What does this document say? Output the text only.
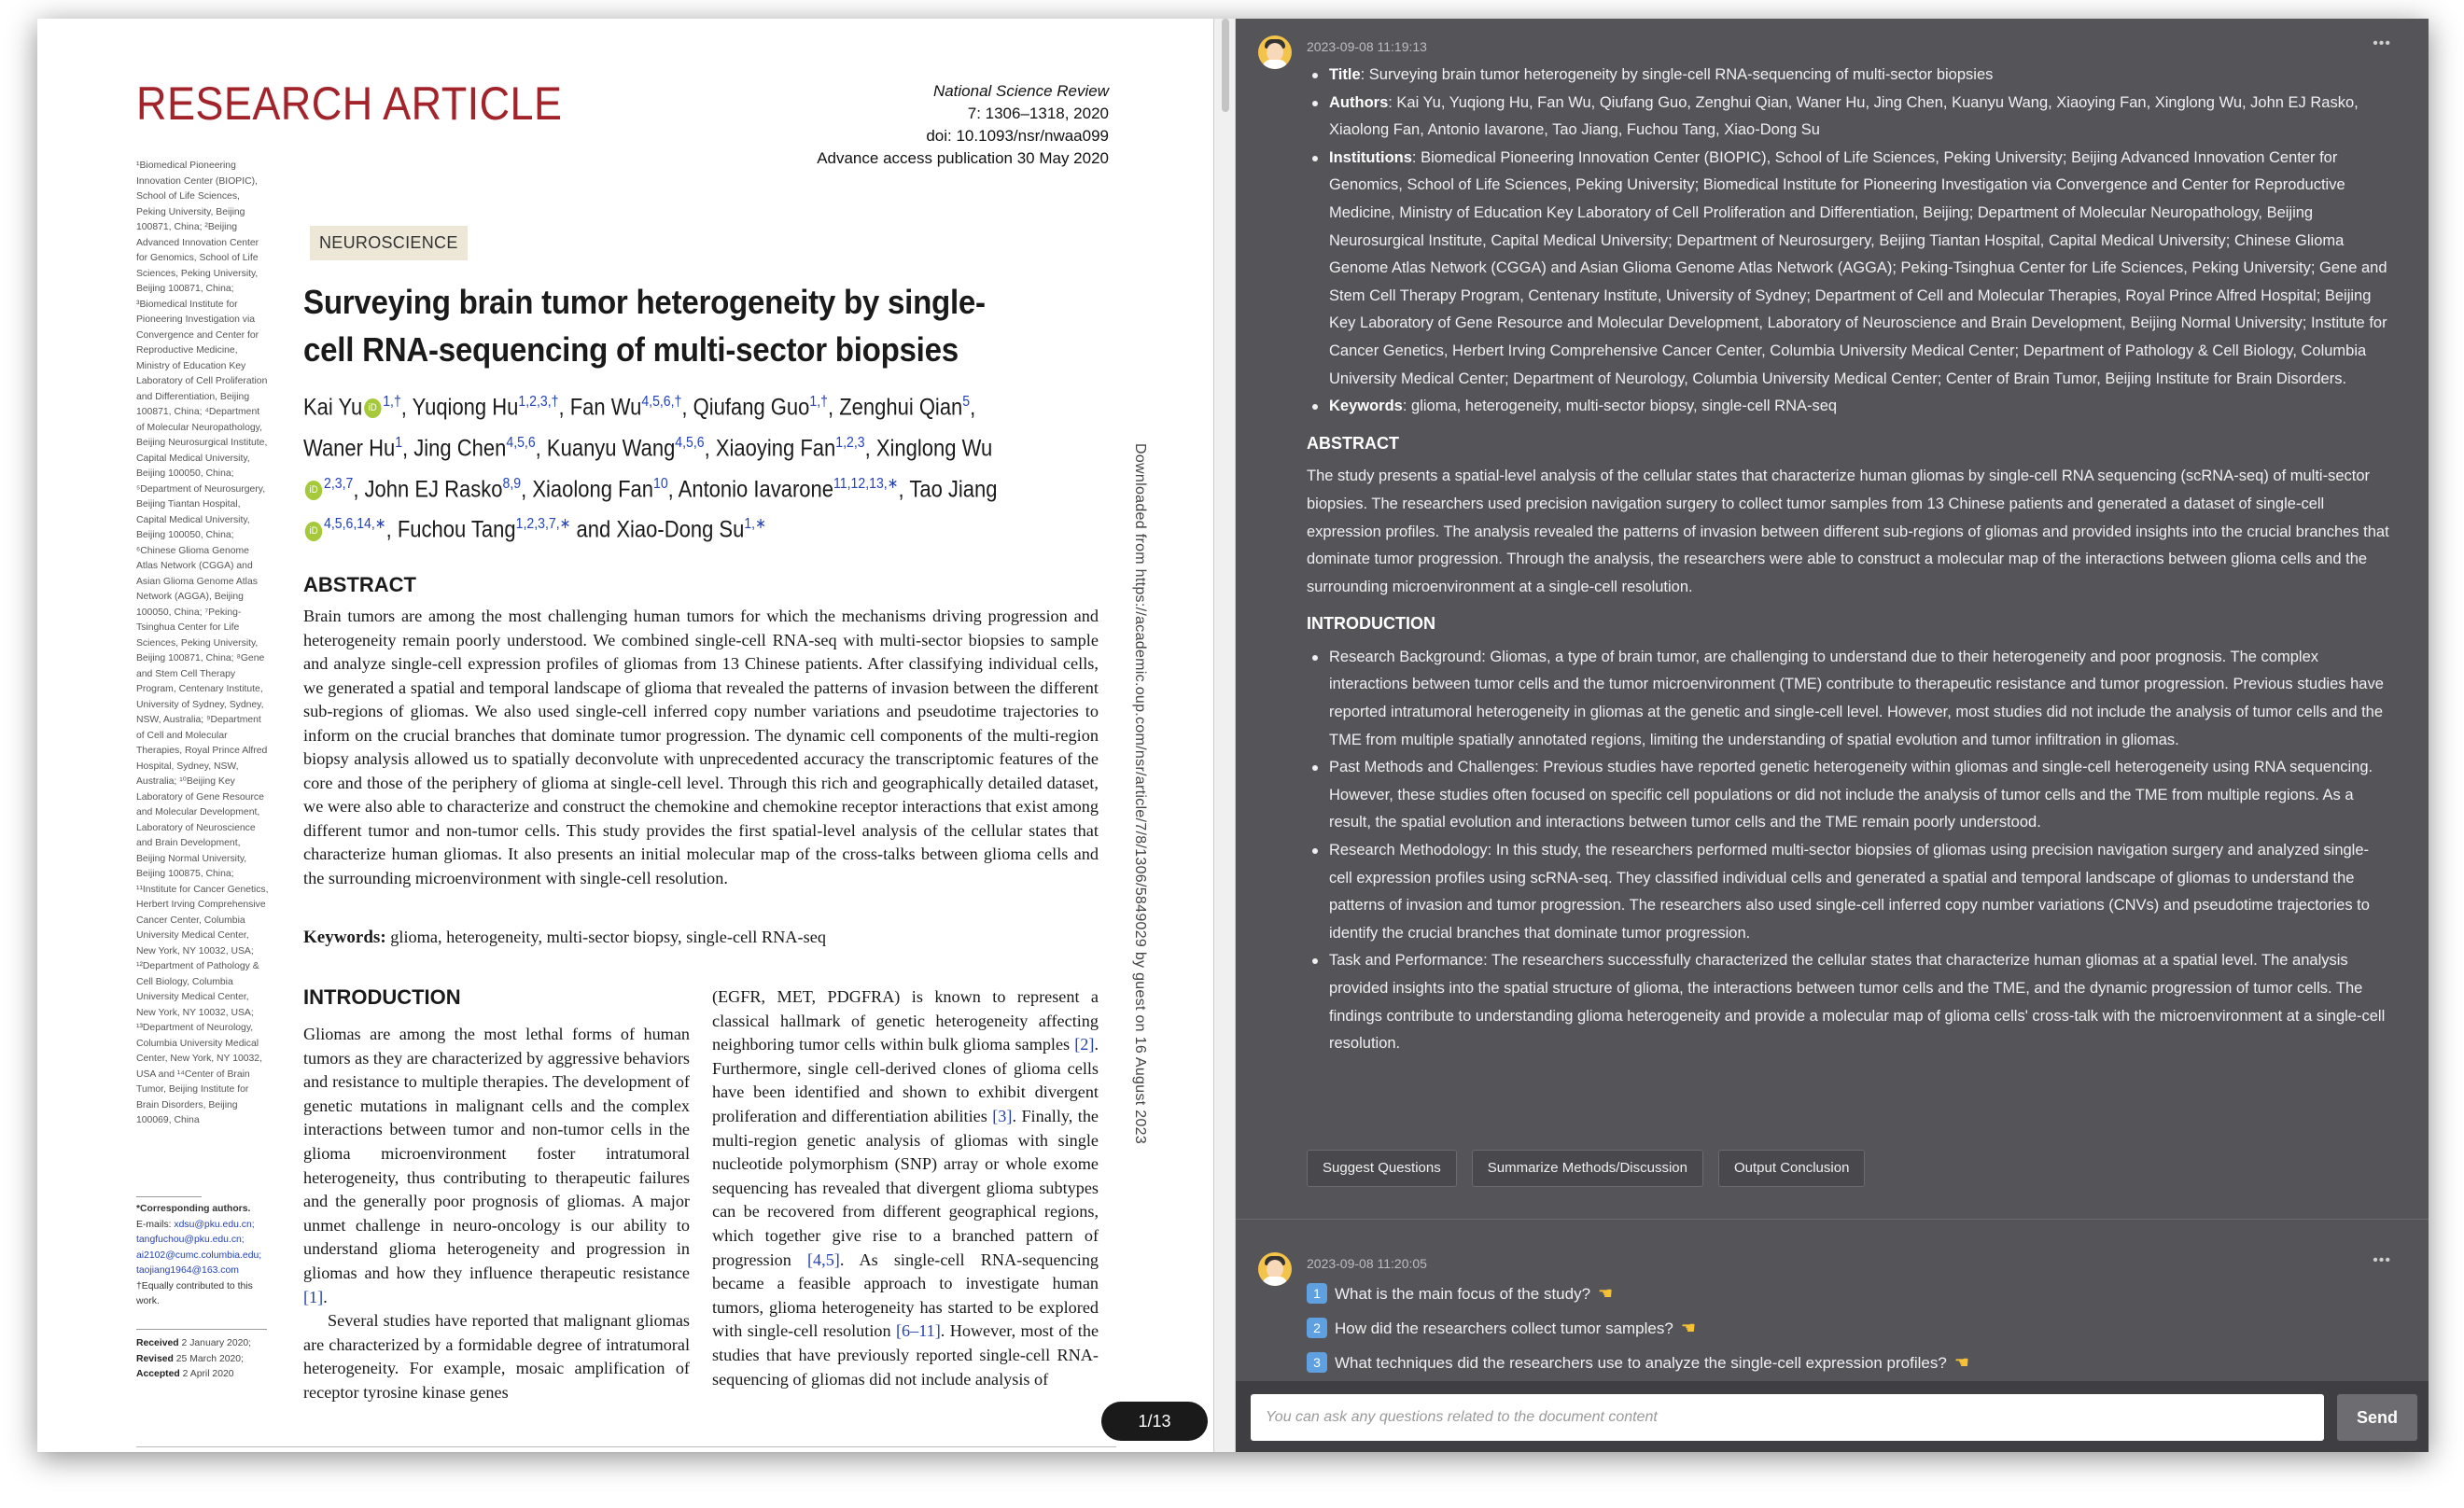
RESEARCH ARTICLE	National Science Review
7: 1306–1318, 2020
doi: 10.1093/nsr/nwaa099
Advance access publication 30 May 2020
¹Biomedical Pioneering Innovation Center (BIOPIC), School of Life Sciences, Peking University, Beijing 100871, China; ²Beijing Advanced Innovation Center for Genomics, School of Life Sciences, Peking University, Beijing 100871, China; ³Biomedical Institute for Pioneering Investigation via Convergence and Center for Reproductive Medicine, Ministry of Education Key Laboratory of Cell Proliferation and Differentiation, Beijing 100871, China; ⁴Department of Molecular Neuropathology, Beijing Neurosurgical Institute, Capital Medical University, Beijing 100050, China; ⁵Department of Neurosurgery, Beijing Tiantan Hospital, Capital Medical University, Beijing 100050, China; ⁶Chinese Glioma Genome Atlas Network (CGGA) and Asian Glioma Genome Atlas Network (AGGA), Beijing 100050, China; ⁷Peking-Tsinghua Center for Life Sciences, Peking University, Beijing 100871, China; ⁸Gene and Stem Cell Therapy Program, Centenary Institute, University of Sydney, Sydney, NSW, Australia; ⁹Department of Cell and Molecular Therapies, Royal Prince Alfred Hospital, Sydney, NSW, Australia; ¹⁰Beijing Key Laboratory of Gene Resource and Molecular Development, Laboratory of Neuroscience and Brain Development, Beijing Normal University, Beijing 100875, China; ¹¹Institute for Cancer Genetics, Herbert Irving Comprehensive Cancer Center, Columbia University Medical Center, New York, NY 10032, USA; ¹²Department of Pathology & Cell Biology, Columbia University Medical Center, New York, NY 10032, USA; ¹³Department of Neurology, Columbia University Medical Center, New York, NY 10032, USA and ¹⁴Center of Brain Tumor, Beijing Institute for Brain Disorders, Beijing 100069, China
*Corresponding authors.
E-mails: xdsu@pku.edu.cn;
tangfuchou@pku.edu.cn;
ai2102@cumc.columbia.edu;
taojiang1964@163.com
†Equally contributed to this work.
Received 2 January 2020;
Revised 25 March 2020;
Accepted 2 April 2020
NEUROSCIENCE
Surveying brain tumor heterogeneity by single-cell RNA-sequencing of multi-sector biopsies
Kai Yu iD $^{1,\dagger}$, Yuqiong $Hu^{1,2,3,\dagger}$, Fan $Wu^{4,5,6,\dagger}$, Qiufang Guo$^{1,\dagger}$, Zenghui Qian$^5$, Waner Hu$^1$, Jing Chen$^{4,5,6}$, Kuanyu Wang$^{4,5,6}$, Xiaoying Fan$^{1,2,3}$, Xinglong WuiD $^{2,3,7}$, John EJ Rasko$^{8,9}$, Xiaolong Fan$^{10}$, Antonio Iavarone$^{11,12,13,∗}$, Tao JiangiD $^{4,5,6,14,∗}$, Fuchou Tang$^{1,2,3,7,∗}$ and Xiao-Dong $Su^{1,∗}$
ABSTRACT
Brain tumors are among the most challenging human tumors for which the mechanisms driving progression and heterogeneity remain poorly understood. We combined single-cell RNA-seq with multi-sector biopsies to sample and analyze single-cell expression profiles of gliomas from 13 Chinese patients. After classifying individual cells, we generated a spatial and temporal landscape of glioma that revealed the patterns of invasion between the different sub-regions of gliomas. We also used single-cell inferred copy number variations and pseudotime trajectories to inform on the crucial branches that dominate tumor progression. The dynamic cell components of the multi-region biopsy analysis allowed us to spatially deconvolute with unprecedented accuracy the transcriptomic features of the core and those of the periphery of glioma at single-cell level. Through this rich and geographically detailed dataset, we were also able to characterize and construct the chemokine and chemokine receptor interactions that exist among different tumor and non-tumor cells. This study provides the first spatial-level analysis of the cellular states that characterize human gliomas. It also presents an initial molecular map of the cross-talks between glioma cells and the surrounding microenvironment with single-cell resolution.
Keywords: glioma, heterogeneity, multi-sector biopsy, single-cell RNA-seq
INTRODUCTION

Gliomas are among the most lethal forms of human tumors as they are characterized by aggressive behaviors and resistance to multiple therapies. The development of genetic mutations in malignant cells and the complex interactions between tumor and non-tumor cells in the glioma microenvironment foster intratumoral heterogeneity, thus contributing to therapeutic failures and the generally poor prognosis of gliomas. A major unmet challenge in neuro-oncology is our ability to understand glioma heterogeneity and progression in gliomas and how they influence therapeutic resistance [1].

Several studies have reported that malignant gliomas are characterized by a formidable degree of intratumoral heterogeneity. For example, mosaic amplification of receptor tyrosine kinase genes

(EGFR, MET, PDGFRA) is known to represent a classical hallmark of genetic heterogeneity affecting neighboring tumor cells within bulk glioma samples [2]. Furthermore, single cell-derived clones of glioma cells have been identified and shown to exhibit divergent proliferation and differentiation abilities [3]. Finally, the multi-region genetic analysis of gliomas with single nucleotide polymorphism (SNP) array or whole exome sequencing has revealed that divergent glioma subtypes can be recovered from different geographical regions, which together give rise to a branched pattern of progression [4,5]. As single-cell RNA-sequencing became a feasible approach to investigate human tumors, glioma heterogeneity has started to be explored with single-cell resolution [6–11]. However, most of the studies that have previously reported single-cell RNA-sequencing of gliomas did not include analysis of

Downloaded from https://academic.oup.com/nsr/article/7/8/1306/5849029 by guest on 16 August 2023
1/13
2023-09-08 11:19:13	•••
Title: Surveying brain tumor heterogeneity by single-cell RNA-sequencing of multi-sector biopsies
Authors: Kai Yu, Yuqiong Hu, Fan Wu, Qiufang Guo, Zenghui Qian, Waner Hu, Jing Chen, Kuanyu Wang, Xiaoying Fan, Xinglong Wu, John EJ Rasko, Xiaolong Fan, Antonio Iavarone, Tao Jiang, Fuchou Tang, Xiao-Dong Su
Institutions: Biomedical Pioneering Innovation Center (BIOPIC), School of Life Sciences, Peking University; Beijing Advanced Innovation Center for Genomics, School of Life Sciences, Peking University; Biomedical Institute for Pioneering Investigation via Convergence and Center for Reproductive Medicine, Ministry of Education Key Laboratory of Cell Proliferation and Differentiation, Beijing; Department of Molecular Neuropathology, Beijing Neurosurgical Institute, Capital Medical University; Department of Neurosurgery, Beijing Tiantan Hospital, Capital Medical University; Chinese Glioma Genome Atlas Network (CGGA) and Asian Glioma Genome Atlas Network (AGGA); Peking-Tsinghua Center for Life Sciences, Peking University; Gene and Stem Cell Therapy Program, Centenary Institute, University of Sydney; Department of Cell and Molecular Therapies, Royal Prince Alfred Hospital; Beijing Key Laboratory of Gene Resource and Molecular Development, Laboratory of Neuroscience and Brain Development, Beijing Normal University; Institute for Cancer Genetics, Herbert Irving Comprehensive Cancer Center, Columbia University Medical Center; Department of Pathology & Cell Biology, Columbia University Medical Center; Department of Neurology, Columbia University Medical Center; Center of Brain Tumor, Beijing Institute for Brain Disorders.
Keywords: glioma, heterogeneity, multi-sector biopsy, single-cell RNA-seq
ABSTRACT

The study presents a spatial-level analysis of the cellular states that characterize human gliomas by single-cell RNA sequencing (scRNA-seq) of multi-sector biopsies. The researchers used precision navigation surgery to collect tumor samples from 13 Chinese patients and generated a dataset of single-cell expression profiles. The analysis revealed the patterns of invasion between different sub-regions of gliomas and provided insights into the crucial branches that dominate tumor progression. Through the analysis, the researchers were able to construct a molecular map of the interactions between glioma cells and the surrounding microenvironment at a single-cell resolution.

INTRODUCTION
Research Background: Gliomas, a type of brain tumor, are challenging to understand due to their heterogeneity and poor prognosis. The complex interactions between tumor cells and the tumor microenvironment (TME) contribute to therapeutic resistance and tumor progression. Previous studies have reported intratumoral heterogeneity in gliomas at the genetic and single-cell level. However, most studies did not include the analysis of tumor cells and the TME from multiple spatially annotated regions, limiting the understanding of spatial evolution and tumor infiltration in gliomas.
Past Methods and Challenges: Previous studies have reported genetic heterogeneity within gliomas and single-cell heterogeneity using RNA sequencing. However, these studies often focused on specific cell populations or did not include the analysis of tumor cells and the TME from multiple regions. As a result, the spatial evolution and interactions between tumor cells and the TME remain poorly understood.
Research Methodology: In this study, the researchers performed multi-sector biopsies of gliomas using precision navigation surgery and analyzed single-cell expression profiles using scRNA-seq. They classified individual cells and generated a spatial and temporal landscape of gliomas to understand the patterns of invasion and tumor progression. The researchers also used single-cell inferred copy number variations (CNVs) and pseudotime trajectories to identify the crucial branches that dominate tumor progression.
Task and Performance: The researchers successfully characterized the cellular states that characterize human gliomas at a spatial level. The analysis provided insights into the spatial structure of glioma, the interactions between tumor cells and the TME, and the dynamic progression of tumor cells. The findings contribute to understanding glioma heterogeneity and provide a molecular map of glioma cells' cross-talk with the microenvironment at a single-cell resolution.
Suggest Questions	Summarize Methods/Discussion	Output Conclusion
2023-09-08 11:20:05	•••
1 What is the main focus of the study? ☚
2 How did the researchers collect tumor samples? ☚
3 What techniques did the researchers use to analyze the single-cell expression profiles? ☚
You can ask any questions related to the document content	Send
